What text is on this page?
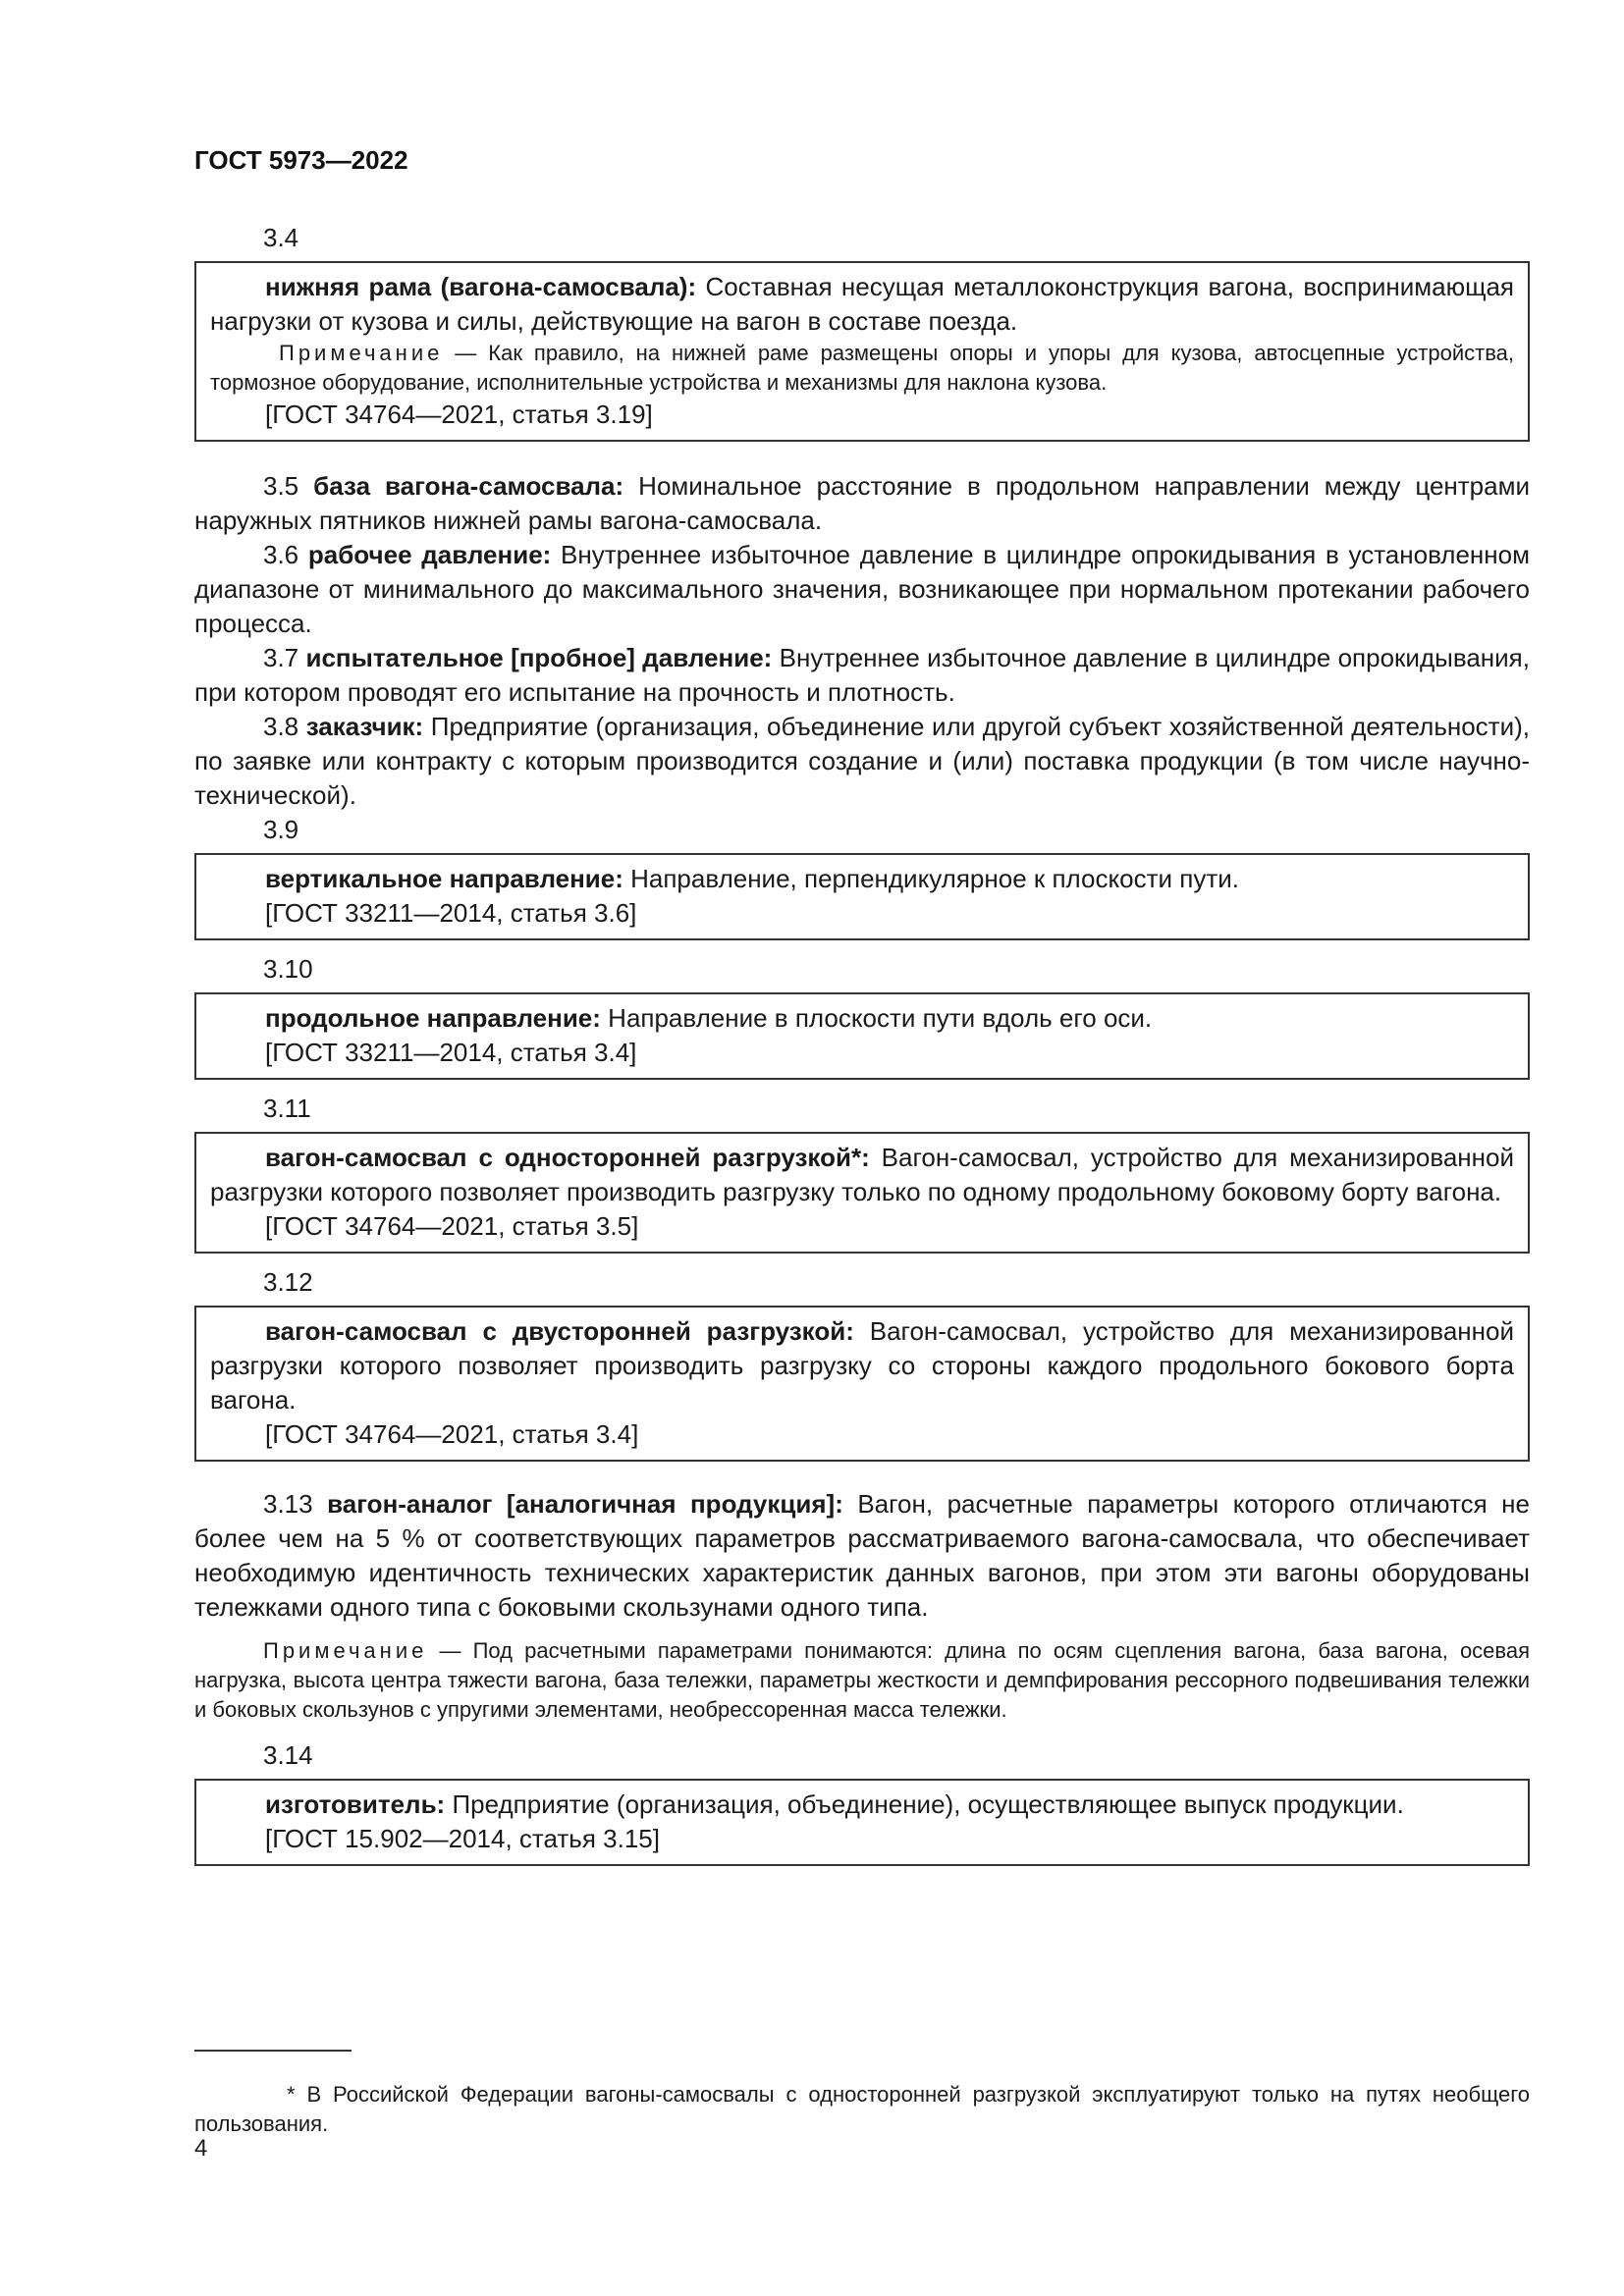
ГОСТ 5973—2022
3.4

нижняя рама (вагона-самосвала): Составная несущая металлоконструкция вагона, воспринимающая нагрузки от кузова и силы, действующие на вагон в составе поезда.

Примечание — Как правило, на нижней раме размещены опоры и упоры для кузова, автосцепные устройства, тормозное оборудование, исполнительные устройства и механизмы для наклона кузова.

[ГОСТ 34764—2021, статья 3.19]

3.5 база вагона-самосвала: Номинальное расстояние в продольном направлении между центрами наружных пятников нижней рамы вагона-самосвала.

3.6 рабочее давление: Внутреннее избыточное давление в цилиндре опрокидывания в установленном диапазоне от минимального до максимального значения, возникающее при нормальном протекании рабочего процесса.

3.7 испытательное [пробное] давление: Внутреннее избыточное давление в цилиндре опрокидывания, при котором проводят его испытание на прочность и плотность.

3.8 заказчик: Предприятие (организация, объединение или другой субъект хозяйственной деятельности), по заявке или контракту с которым производится создание и (или) поставка продукции (в том числе научно-технической).

3.9

вертикальное направление: Направление, перпендикулярное к плоскости пути.

[ГОСТ 33211—2014, статья 3.6]

3.10

продольное направление: Направление в плоскости пути вдоль его оси.

[ГОСТ 33211—2014, статья 3.4]

3.11

вагон-самосвал с односторонней разгрузкой*: Вагон-самосвал, устройство для механизированной разгрузки которого позволяет производить разгрузку только по одному продольному боковому борту вагона.

[ГОСТ 34764—2021, статья 3.5]

3.12

вагон-самосвал с двусторонней разгрузкой: Вагон-самосвал, устройство для механизированной разгрузки которого позволяет производить разгрузку со стороны каждого продольного бокового борта вагона.

[ГОСТ 34764—2021, статья 3.4]

3.13 вагон-аналог [аналогичная продукция]: Вагон, расчетные параметры которого отличаются не более чем на 5 % от соответствующих параметров рассматриваемого вагона-самосвала, что обеспечивает необходимую идентичность технических характеристик данных вагонов, при этом эти вагоны оборудованы тележками одного типа с боковыми скользунами одного типа.

Примечание — Под расчетными параметрами понимаются: длина по осям сцепления вагона, база вагона, осевая нагрузка, высота центра тяжести вагона, база тележки, параметры жесткости и демпфирования рессорного подвешивания тележки и боковых скользунов с упругими элементами, необрессоренная масса тележки.

3.14

изготовитель: Предприятие (организация, объединение), осуществляющее выпуск продукции.

[ГОСТ 15.902—2014, статья 3.15]

* В Российской Федерации вагоны-самосвалы с односторонней разгрузкой эксплуатируют только на путях необщего пользования.

4
